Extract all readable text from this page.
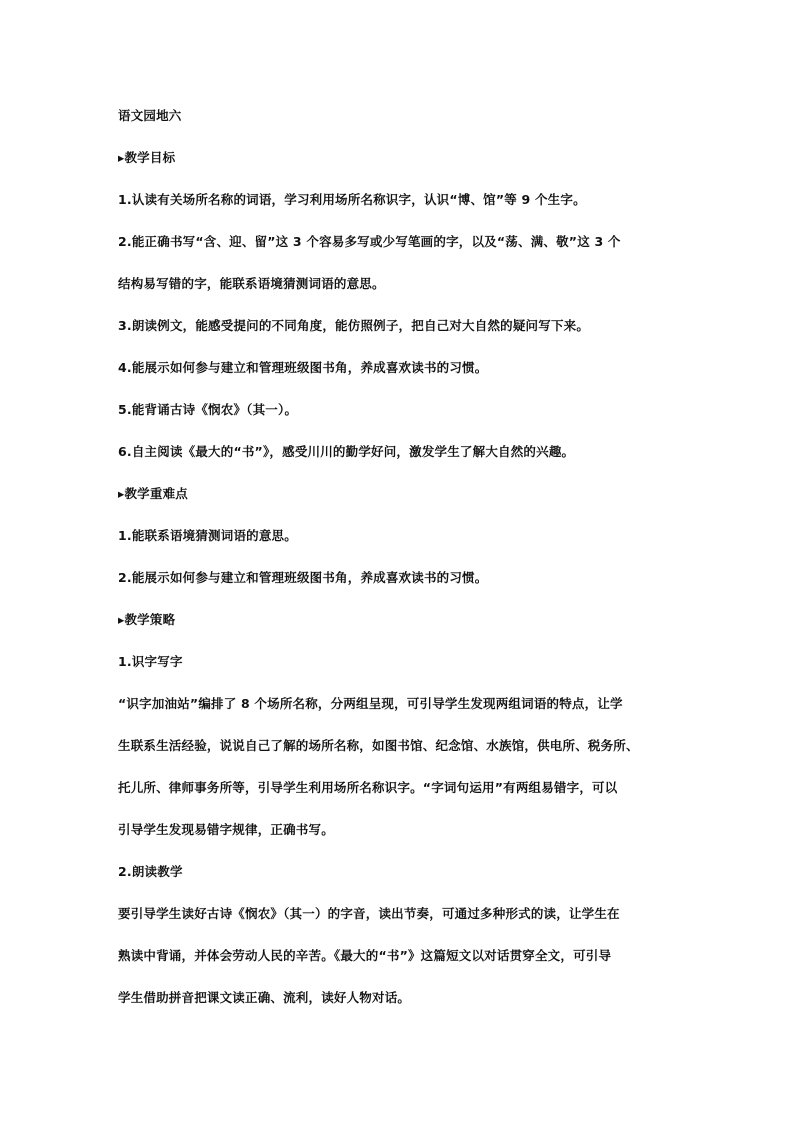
语文园地六
▸教学目标
1.认读有关场所名称的词语，学习利用场所名称识字，认识“博、馆”等 9 个生字。
2.能正确书写“含、迎、留”这 3 个容易多写或少写笔画的字，以及“荡、满、敬”这 3 个
结构易写错的字，能联系语境猜测词语的意思。
3.朗读例文，能感受提问的不同角度，能仿照例子，把自己对大自然的疑问写下来。
4.能展示如何参与建立和管理班级图书角，养成喜欢读书的习惯。
5.能背诵古诗《悯农》（其一）。
6.自主阅读《最大的“书”》，感受川川的勤学好问，激发学生了解大自然的兴趣。
▸教学重难点
1.能联系语境猜测词语的意思。
2.能展示如何参与建立和管理班级图书角，养成喜欢读书的习惯。
▸教学策略
1.识字写字
“识字加油站”编排了 8 个场所名称，分两组呈现，可引导学生发现两组词语的特点，让学
生联系生活经验，说说自己了解的场所名称，如图书馆、纪念馆、水族馆，供电所、税务所、
托儿所、律师事务所等，引导学生利用场所名称识字。“字词句运用”有两组易错字，可以
引导学生发现易错字规律，正确书写。
2.朗读教学
要引导学生读好古诗《悯农》（其一）的字音，读出节奏，可通过多种形式的读，让学生在
熟读中背诵，并体会劳动人民的辛苦。《最大的“书”》这篇短文以对话贯穿全文，可引导
学生借助拼音把课文读正确、流利，读好人物对话。
